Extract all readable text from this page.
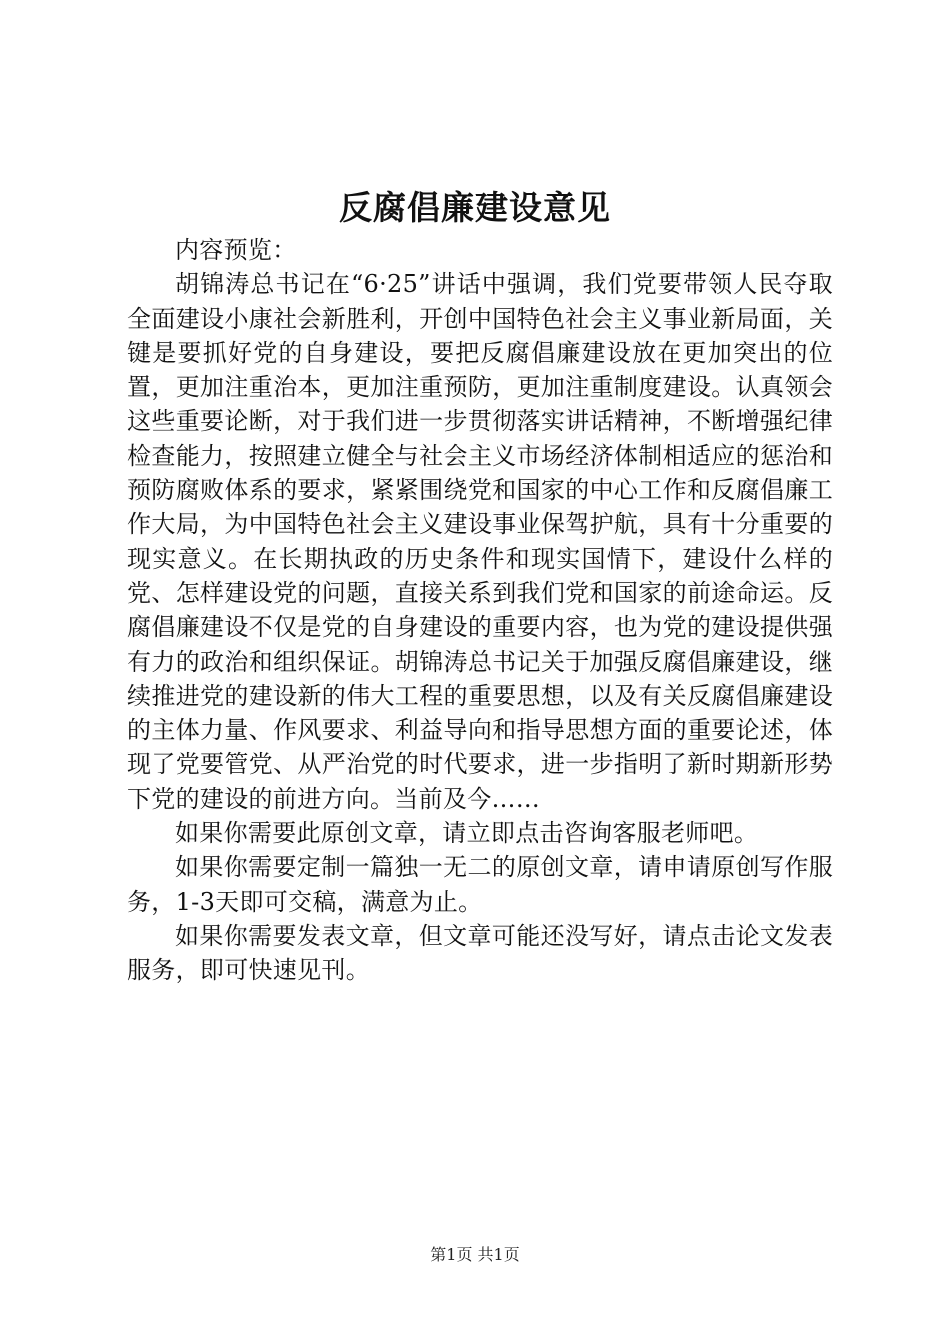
反腐倡廉建设意见

内容预览：

胡锦涛总书记在“6·25”讲话中强调，我们党要带领人民夺取全面建设小康社会新胜利，开创中国特色社会主义事业新局面，关键是要抓好党的自身建设，要把反腐倡廉建设放在更加突出的位置，更加注重治本，更加注重预防，更加注重制度建设。认真领会这些重要论断，对于我们进一步贯彻落实讲话精神，不断增强纪律检查能力，按照建立健全与社会主义市场经济体制相适应的惩治和预防腐败体系的要求，紧紧围绕党和国家的中心工作和反腐倡廉工作大局，为中国特色社会主义建设事业保驾护航，具有十分重要的现实意义。在长期执政的历史条件和现实国情下，建设什么样的党、怎样建设党的问题，直接关系到我们党和国家的前途命运。反腐倡廉建设不仅是党的自身建设的重要内容，也为党的建设提供强有力的政治和组织保证。胡锦涛总书记关于加强反腐倡廉建设，继续推进党的建设新的伟大工程的重要思想，以及有关反腐倡廉建设的主体力量、作风要求、利益导向和指导思想方面的重要论述，体现了党要管党、从严治党的时代要求，进一步指明了新时期新形势下党的建设的前进方向。当前及今……

如果你需要此原创文章，请立即点击咨询客服老师吧。

如果你需要定制一篇独一无二的原创文章，请申请原创写作服务，1-3天即可交稿，满意为止。

如果你需要发表文章，但文章可能还没写好，请点击论文发表服务，即可快速见刊。

第1页 共1页
